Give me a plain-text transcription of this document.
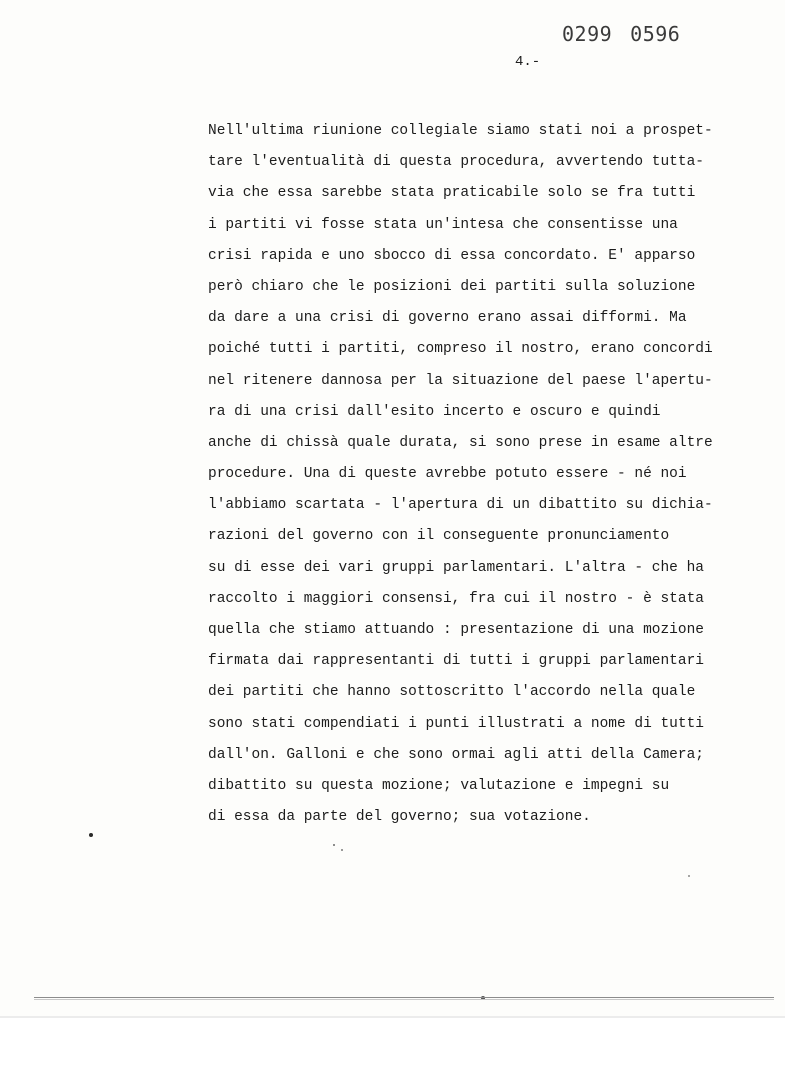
0299 0596
4.-
Nell'ultima riunione collegiale siamo stati noi a prospet-
tare l'eventualità di questa procedura, avvertendo tutta-
via che essa sarebbe stata praticabile solo se fra tutti
i partiti vi fosse stata un'intesa che consentisse una
crisi rapida e uno sbocco di essa concordato. E' apparso
però chiaro che le posizioni dei partiti sulla soluzione
da dare a una crisi di governo erano assai difformi. Ma
poiché tutti i partiti, compreso il nostro, erano concordi
nel ritenere dannosa per la situazione del paese l'apertu-
ra di una crisi dall'esito incerto e oscuro e quindi
anche di chissà quale durata, si sono prese in esame altre
procedure. Una di queste avrebbe potuto essere - né noi
l'abbiamo scartata - l'apertura di un dibattito su dichia-
razioni del governo con il conseguente pronunciamento
su di esse dei vari gruppi parlamentari. L'altra - che ha
raccolto i maggiori consensi, fra cui il nostro - è stata
quella che stiamo attuando : presentazione di una mozione
firmata dai rappresentanti di tutti i gruppi parlamentari
dei partiti che hanno sottoscritto l'accordo nella quale
sono stati compendiati i punti illustrati a nome di tutti
dall'on. Galloni e che sono ormai agli atti della Camera;
dibattito su questa mozione; valutazione e impegni su
di essa da parte del governo; sua votazione.
